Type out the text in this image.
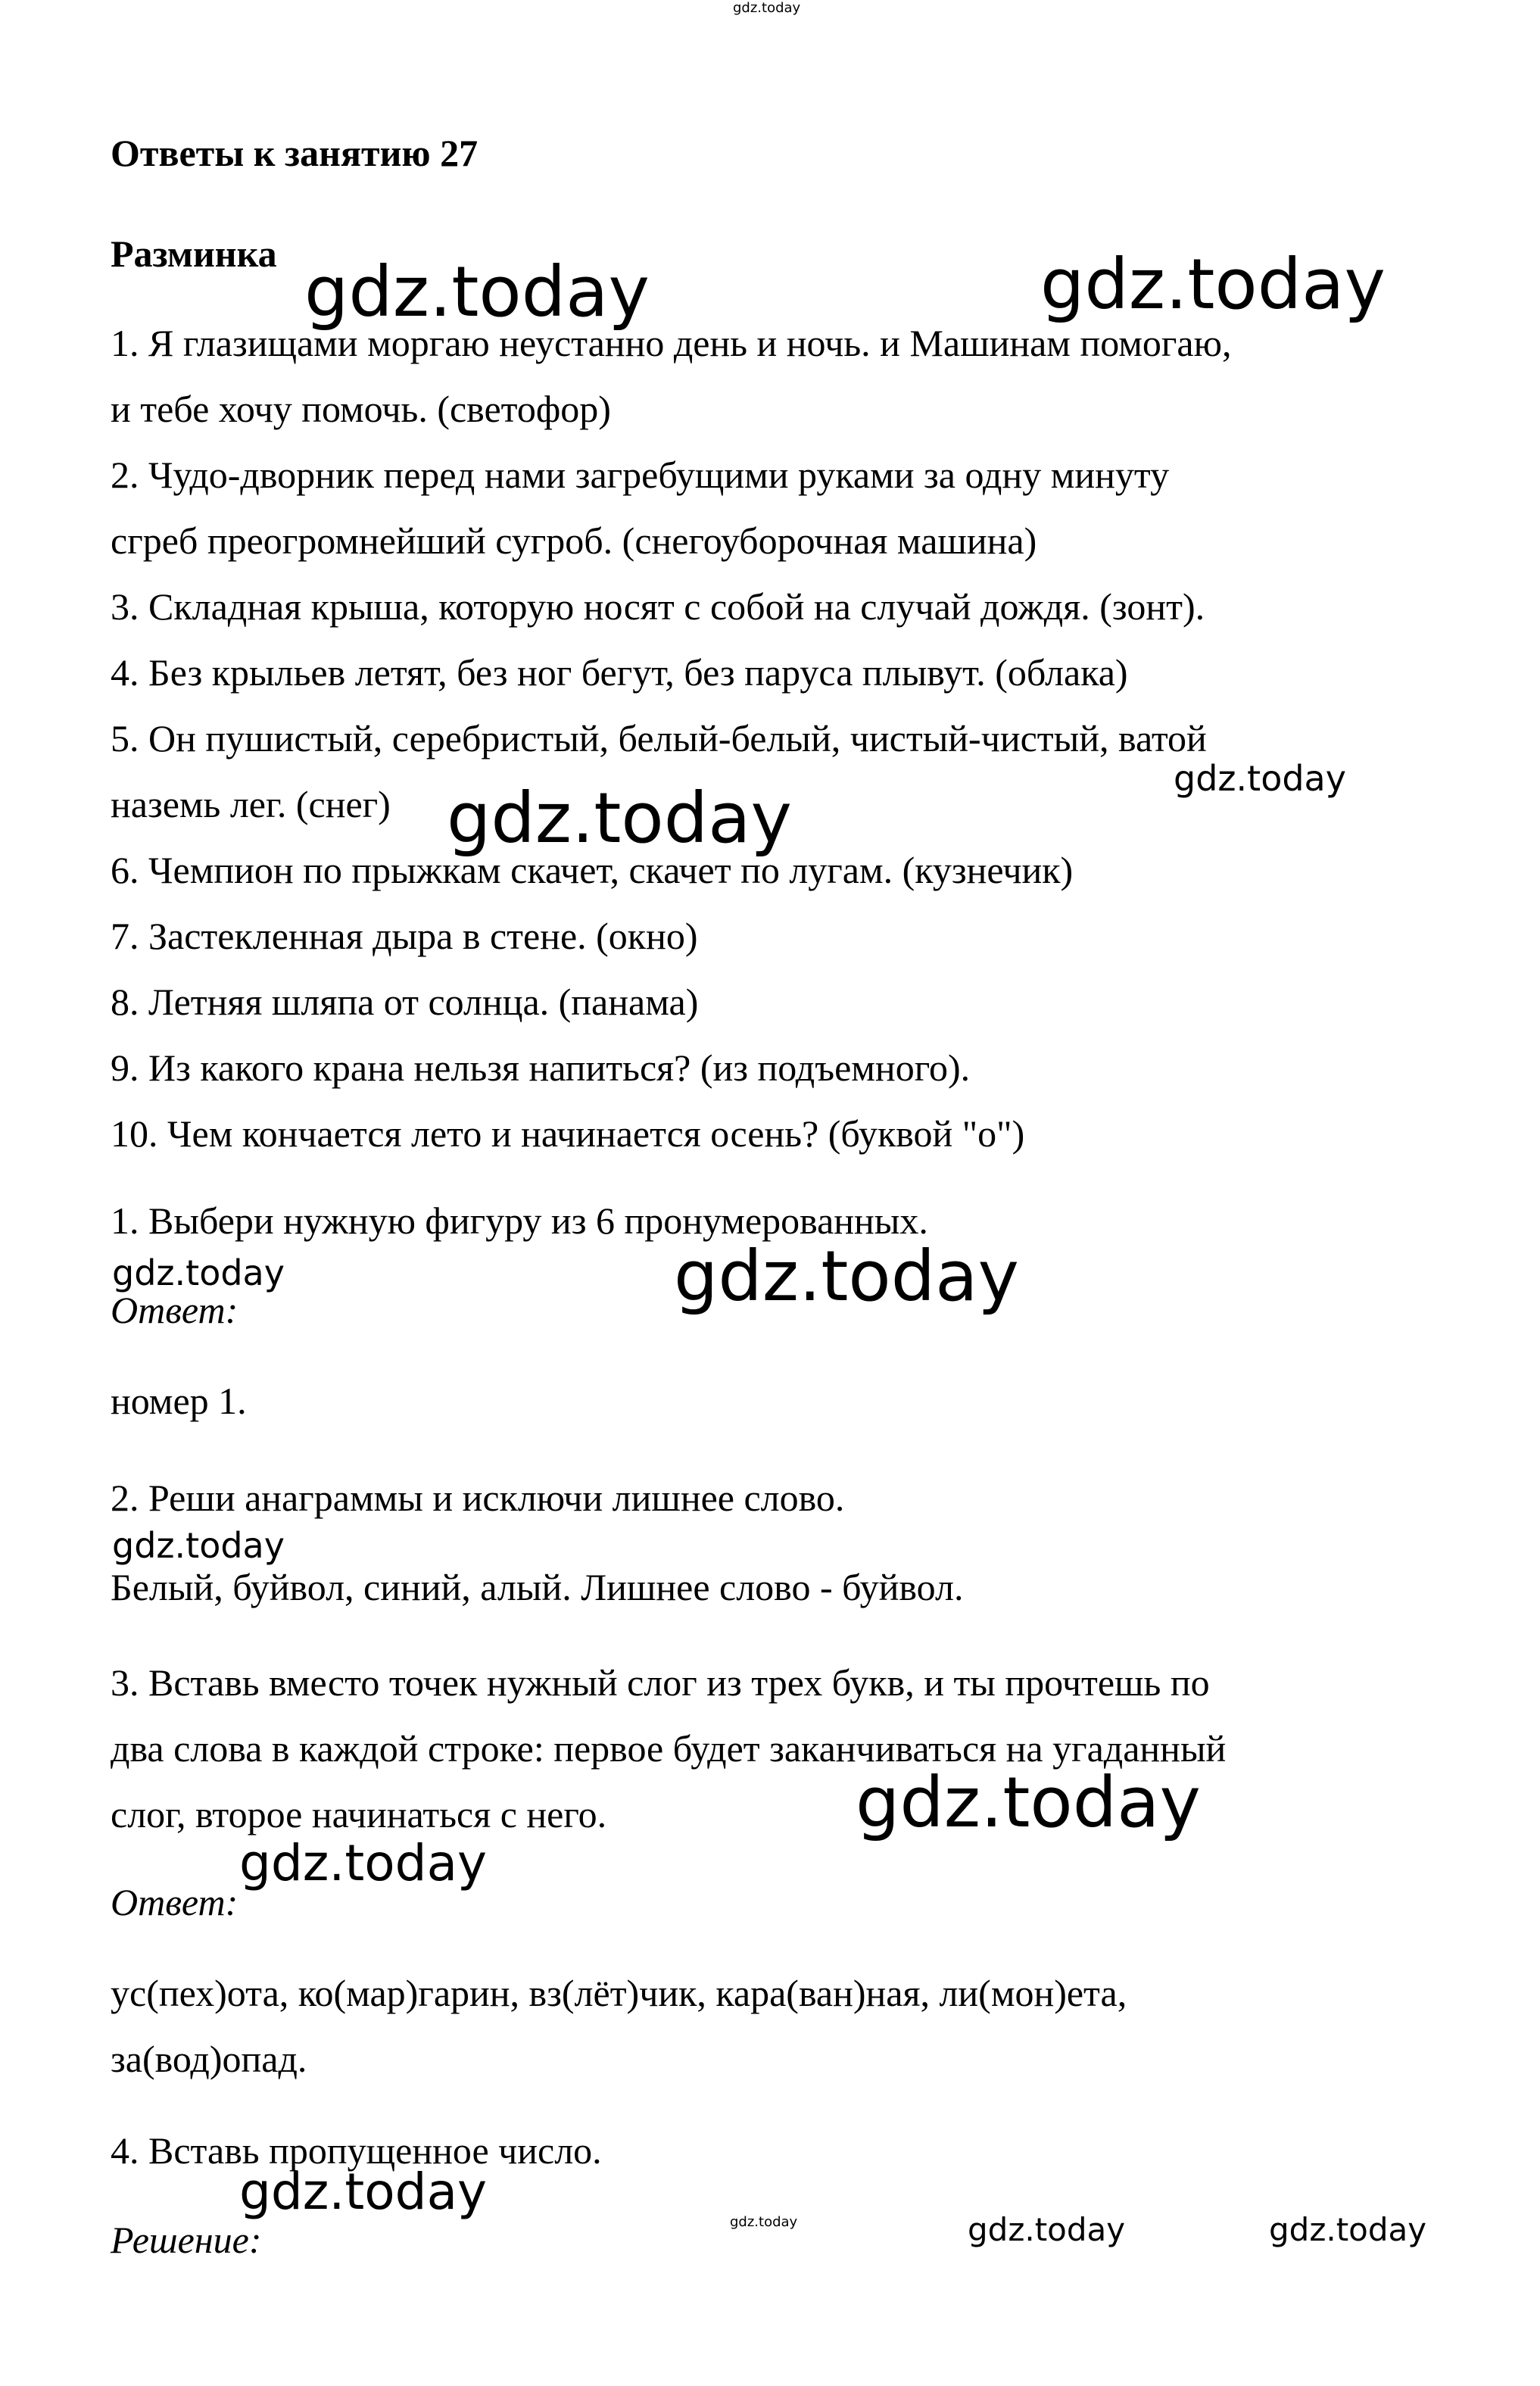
gdz.today
gdz.today	gdz.today
gdz.today
gdz.today
gdz.today	gdz.today
gdz.today
gdz.today
gdz.today
gdz.today
gdz.today	gdz.today	gdz.today

Ответы к занятию 27

Разминка

1. Я глазищами моргаю неустанно день и ночь. и Машинам помогаю,

и тебе хочу помочь. (светофор)

2. Чудо-дворник перед нами загребущими руками за одну минуту

сгреб преогромнейший сугроб. (снегоуборочная машина)

3. Складная крыша, которую носят с собой на случай дождя. (зонт).

4. Без крыльев летят, без ног бегут, без паруса плывут. (облака)

5. Он пушистый, серебристый, белый-белый, чистый-чистый, ватой

наземь лег. (снег)

6. Чемпион по прыжкам скачет, скачет по лугам. (кузнечик)

7. Застекленная дыра в стене. (окно)

8. Летняя шляпа от солнца. (панама)

9. Из какого крана нельзя напиться? (из подъемного).

10. Чем кончается лето и начинается осень? (буквой "о")

1. Выбери нужную фигуру из 6 пронумерованных.

Ответ:

номер 1.

2. Реши анаграммы и исключи лишнее слово.

Белый, буйвол, синий, алый. Лишнее слово - буйвол.

3. Вставь вместо точек нужный слог из трех букв, и ты прочтешь по

два слова в каждой строке: первое будет заканчиваться на угаданный

слог, второе начинаться с него.

Ответ:

ус(пех)ота, ко(мар)гарин, вз(лёт)чик, кара(ван)ная, ли(мон)ета,

за(вод)опад.

4. Вставь пропущенное число.

Решение:
